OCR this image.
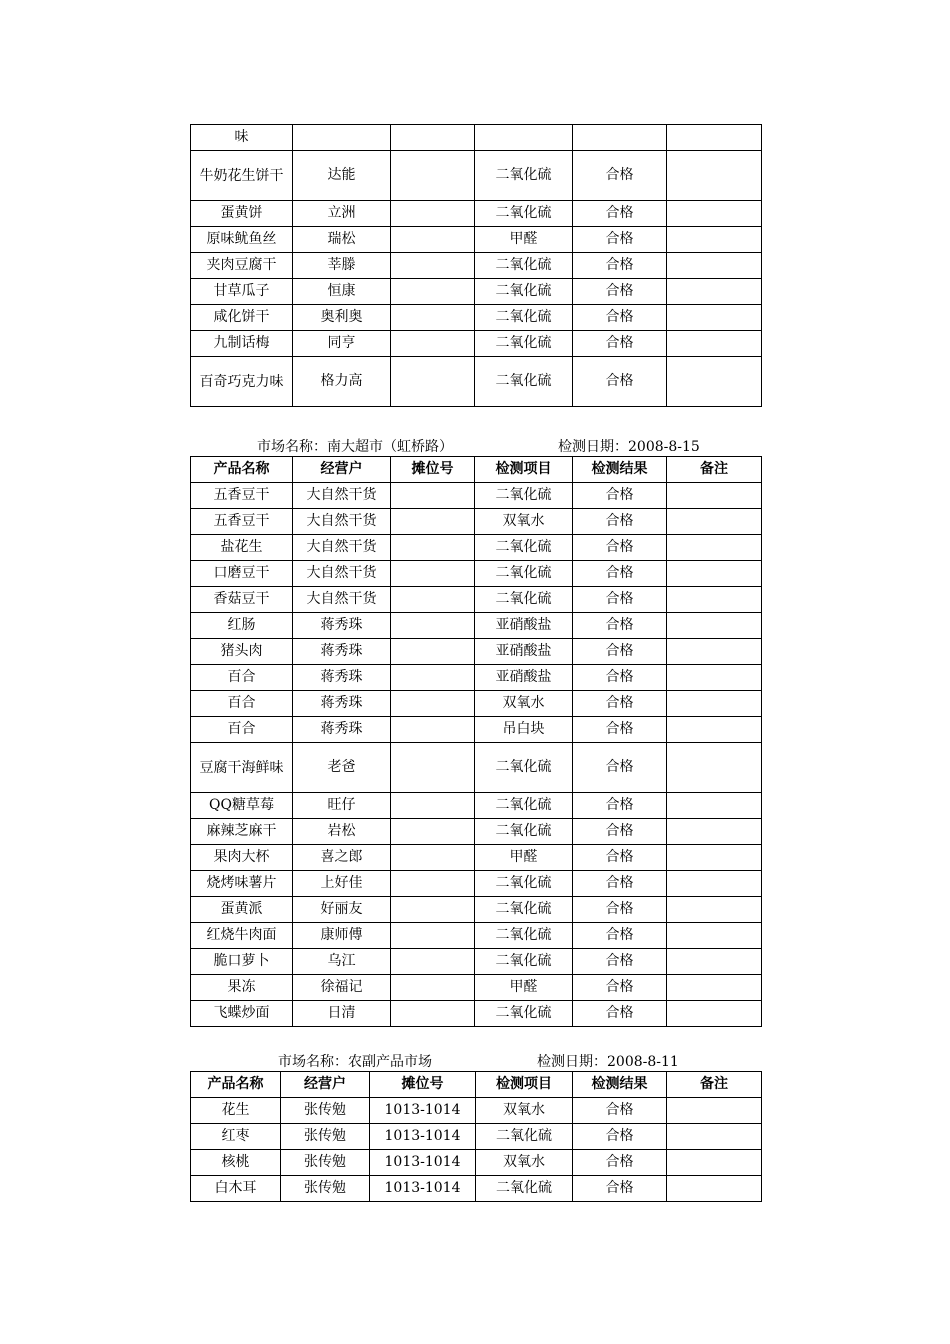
味					
牛奶花生饼干	达能		二氧化硫	合格	
蛋黄饼	立洲		二氧化硫	合格	
原味鱿鱼丝	瑞松		甲醛	合格	
夹肉豆腐干	莘滕		二氧化硫	合格	
甘草瓜子	恒康		二氧化硫	合格	
咸化饼干	奥利奥		二氧化硫	合格	
九制话梅	同亨		二氧化硫	合格	
百奇巧克力味	格力高		二氧化硫	合格	
市场名称：南大超市（虹桥路）	检测日期：2008-8-15
产品名称	经营户	摊位号	检测项目	检测结果	备注
五香豆干	大自然干货		二氧化硫	合格	
五香豆干	大自然干货		双氧水	合格	
盐花生	大自然干货		二氧化硫	合格	
口磨豆干	大自然干货		二氧化硫	合格	
香菇豆干	大自然干货		二氧化硫	合格	
红肠	蒋秀珠		亚硝酸盐	合格	
猪头肉	蒋秀珠		亚硝酸盐	合格	
百合	蒋秀珠		亚硝酸盐	合格	
百合	蒋秀珠		双氧水	合格	
百合	蒋秀珠		吊白块	合格	
豆腐干海鲜味	老爸		二氧化硫	合格	
QQ糖草莓	旺仔		二氧化硫	合格	
麻辣芝麻干	岩松		二氧化硫	合格	
果肉大杯	喜之郎		甲醛	合格	
烧烤味薯片	上好佳		二氧化硫	合格	
蛋黄派	好丽友		二氧化硫	合格	
红烧牛肉面	康师傅		二氧化硫	合格	
脆口萝卜	乌江		二氧化硫	合格	
果冻	徐福记		甲醛	合格	
飞蝶炒面	日清		二氧化硫	合格	
市场名称：农副产品市场	检测日期：2008-8-11
产品名称	经营户	摊位号	检测项目	检测结果	备注
花生	张传勉	1013-1014	双氧水	合格	
红枣	张传勉	1013-1014	二氧化硫	合格	
核桃	张传勉	1013-1014	双氧水	合格	
白木耳	张传勉	1013-1014	二氧化硫	合格	
